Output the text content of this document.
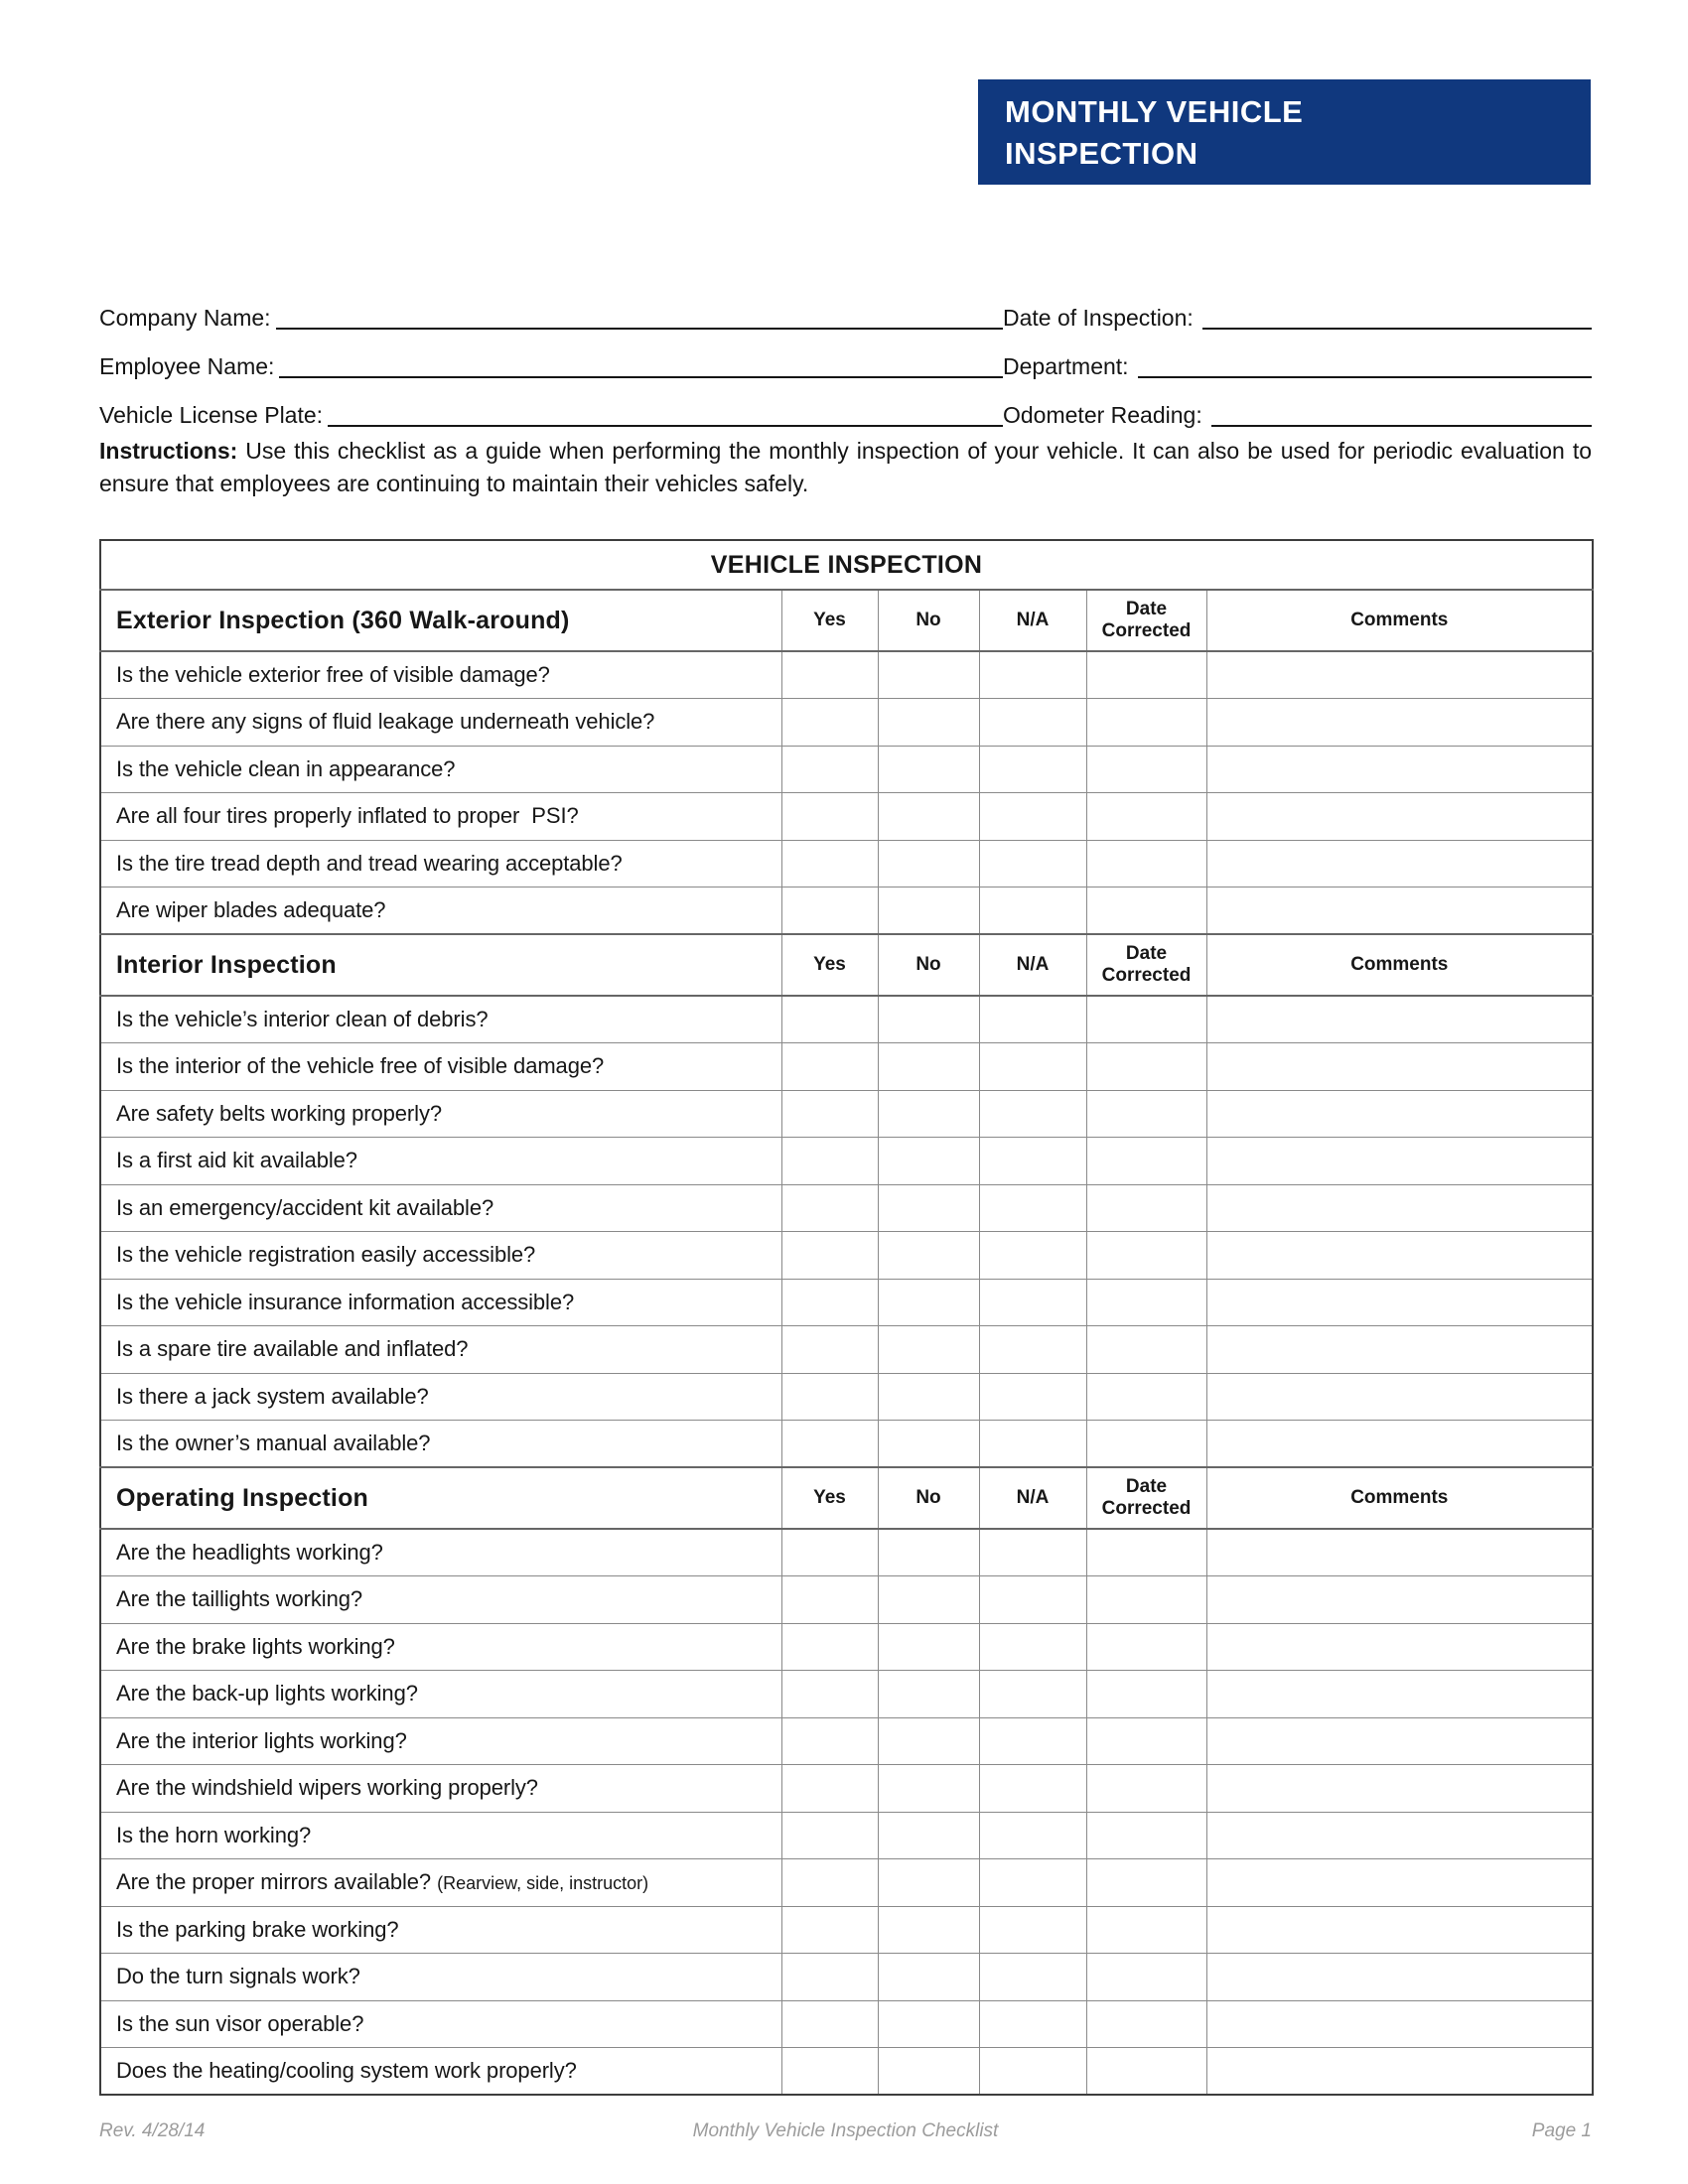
MONTHLY VEHICLE
INSPECTION
Company Name:	Date of Inspection:
Employee Name:	Department:
Vehicle License Plate:	Odometer Reading:

Instructions: Use this checklist as a guide when performing the monthly inspection of your vehicle. It can also be used for periodic evaluation to ensure that employees are continuing to maintain their vehicles safely.

VEHICLE INSPECTION					
Exterior Inspection (360 Walk-around)	Yes	No	N/A	Date Corrected	Comments
Is the vehicle exterior free of visible damage?					
Are there any signs of fluid leakage underneath vehicle?					
Is the vehicle clean in appearance?					
Are all four tires properly inflated to proper  PSI?					
Is the tire tread depth and tread wearing acceptable?					
Are wiper blades adequate?					
Interior Inspection	Yes	No	N/A	Date Corrected	Comments
Is the vehicle’s interior clean of debris?					
Is the interior of the vehicle free of visible damage?					
Are safety belts working properly?					
Is a first aid kit available?					
Is an emergency/accident kit available?					
Is the vehicle registration easily accessible?					
Is the vehicle insurance information accessible?					
Is a spare tire available and inflated?					
Is there a jack system available?					
Is the owner’s manual available?					
Operating Inspection	Yes	No	N/A	Date Corrected	Comments
Are the headlights working?					
Are the taillights working?					
Are the brake lights working?					
Are the back-up lights working?					
Are the interior lights working?					
Are the windshield wipers working properly?					
Is the horn working?					
Are the proper mirrors available? (Rearview, side, instructor)					
Is the parking brake working?					
Do the turn signals work?					
Is the sun visor operable?					
Does the heating/cooling system work properly?					
Rev. 4/28/14	Monthly Vehicle Inspection Checklist	Page 1
